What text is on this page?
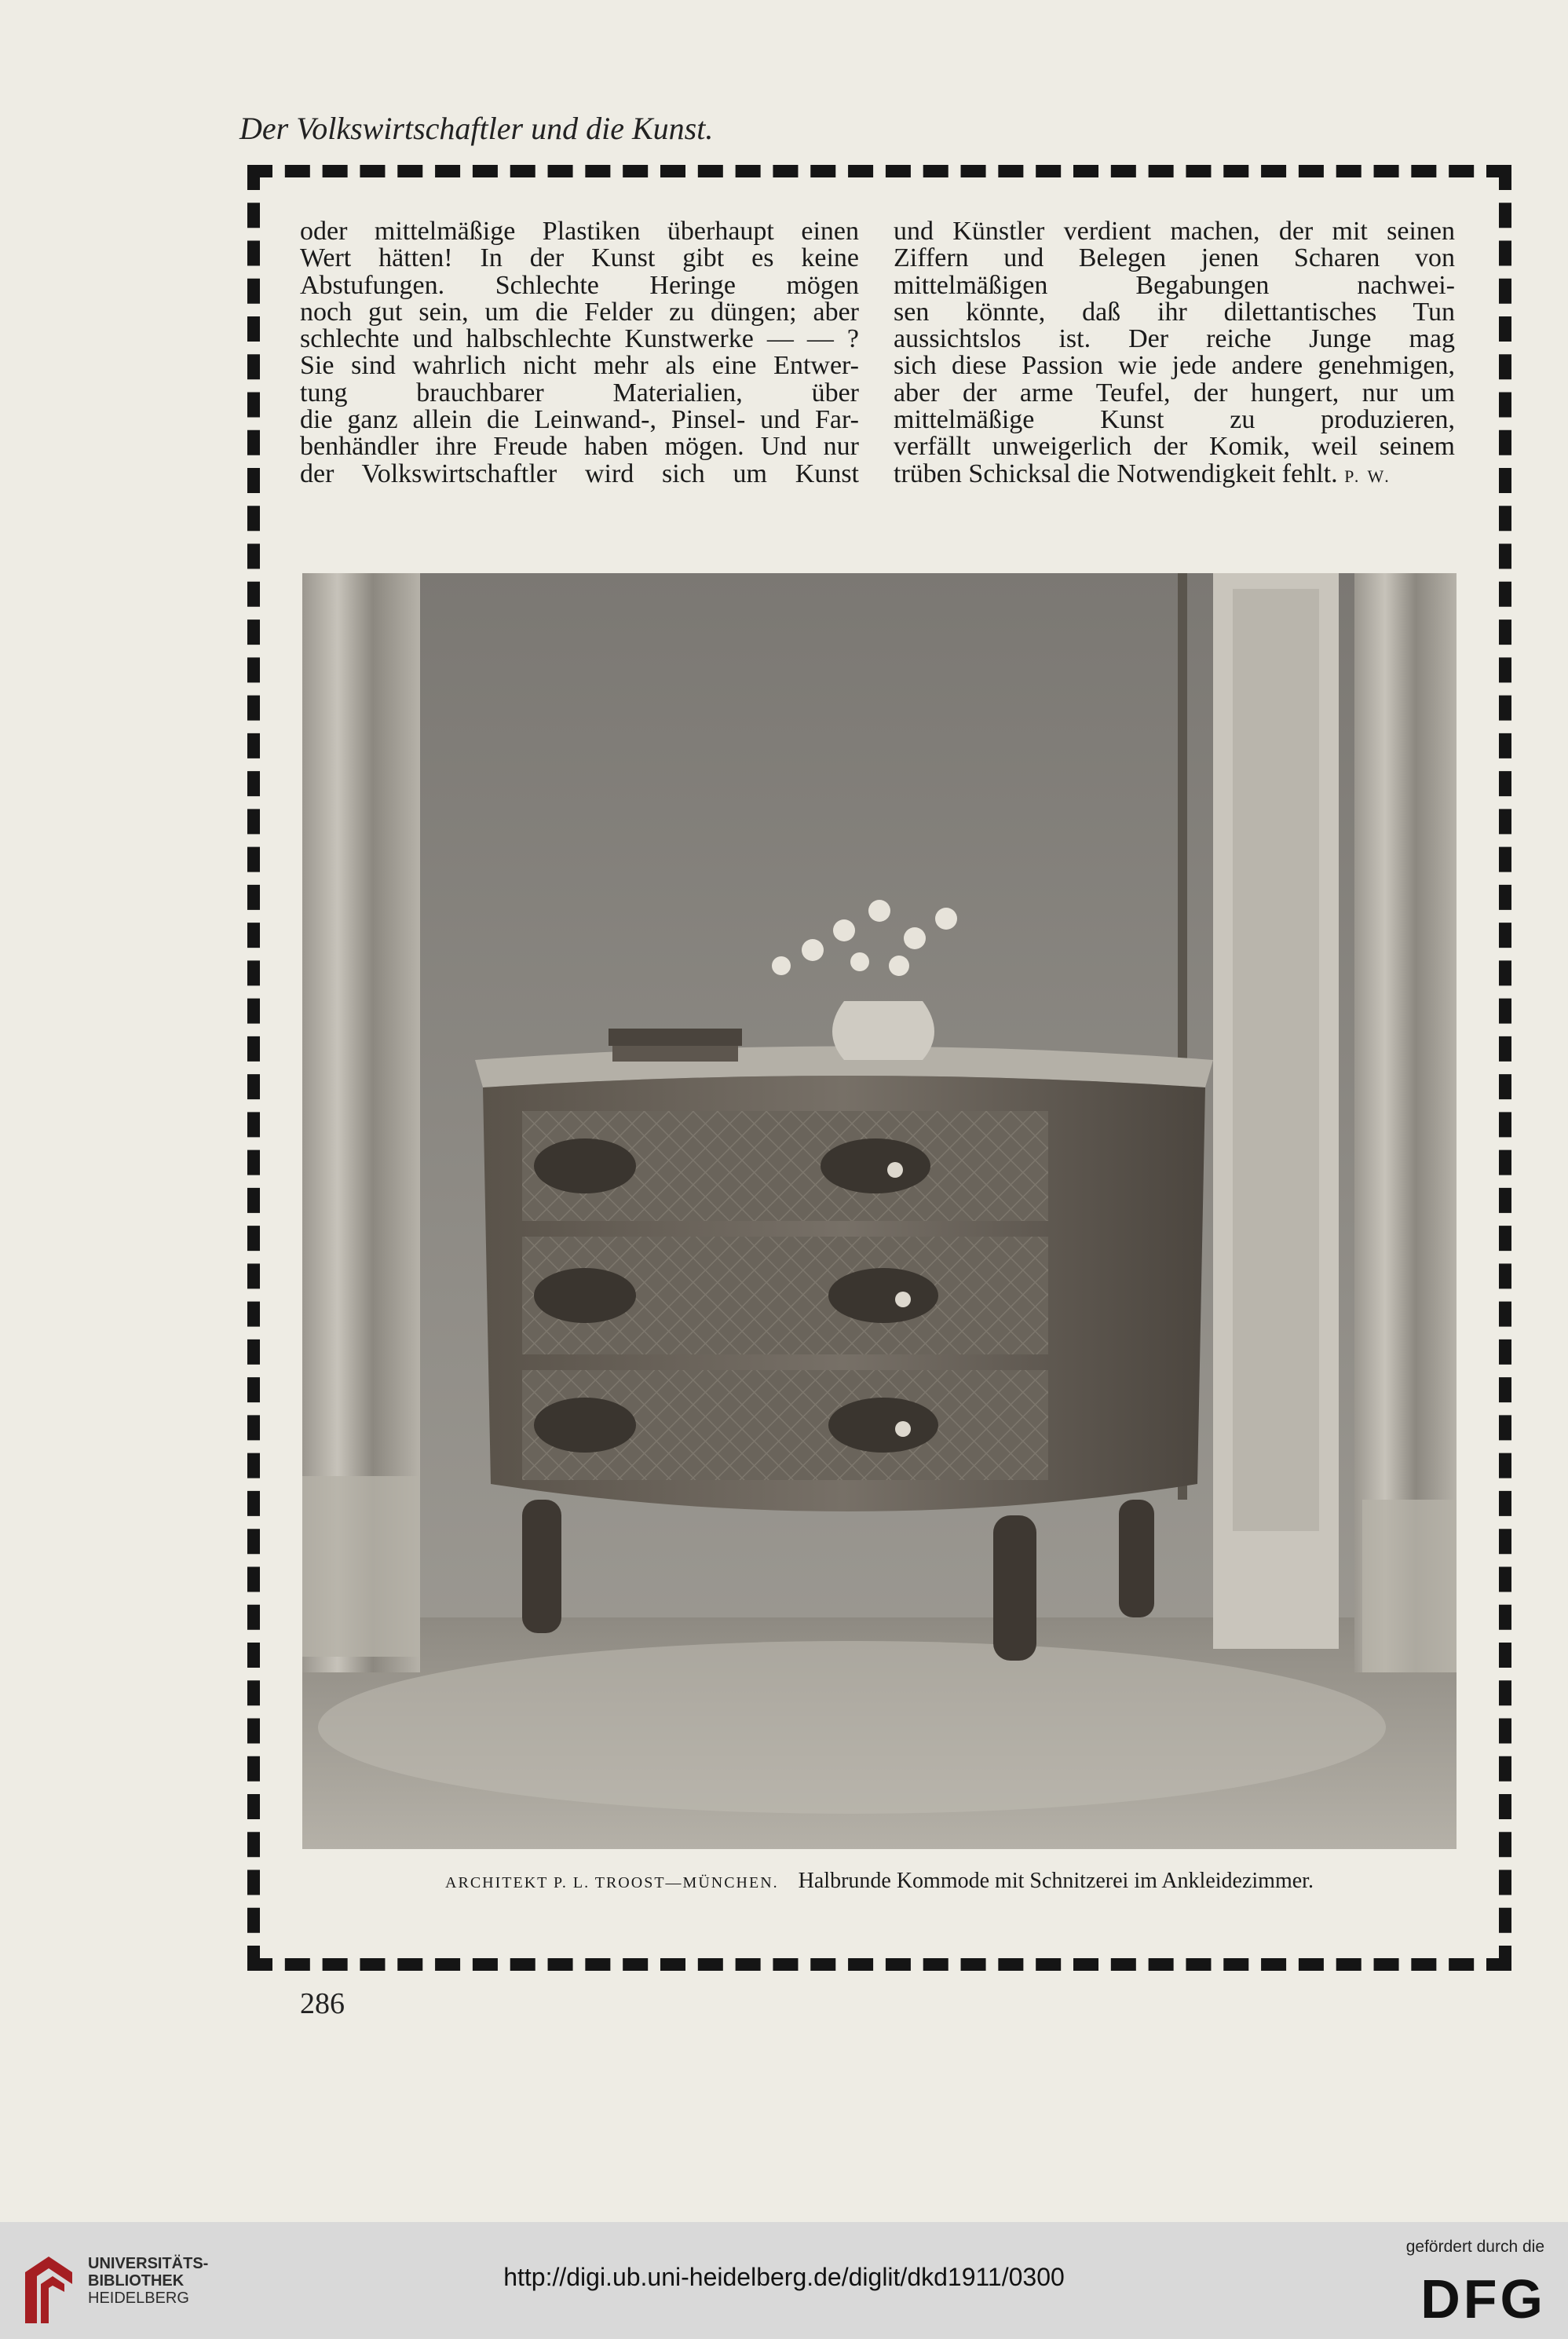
Der Volkswirtschaftler und die Kunst.
oder mittelmäßige Plastiken überhaupt einen
Wert hätten! In der Kunst gibt es keine
Abstufungen. Schlechte Heringe mögen
noch gut sein, um die Felder zu düngen; aber
schlechte und halbschlechte Kunstwerke — — ?
Sie sind wahrlich nicht mehr als eine Entwer-
tung brauchbarer Materialien, über
die ganz allein die Leinwand-, Pinsel- und Far-
benhändler ihre Freude haben mögen. Und nur
der Volkswirtschaftler wird sich um Kunst
und Künstler verdient machen, der mit seinen
Ziffern und Belegen jenen Scharen von
mittelmäßigen Begabungen nachwei-
sen könnte, daß ihr dilettantisches Tun
aussichtslos ist. Der reiche Junge mag
sich diese Passion wie jede andere genehmigen,
aber der arme Teufel, der hungert, nur um
mittelmäßige Kunst zu produzieren,
verfällt unweigerlich der Komik, weil seinem
trüben Schicksal die Notwendigkeit fehlt. P. W.
ARCHITEKT P. L. TROOST—MÜNCHEN. Halbrunde Kommode mit Schnitzerei im Ankleidezimmer.
286
UNIVERSITÄTS-
BIBLIOTHEK
HEIDELBERG
http://digi.ub.uni-heidelberg.de/diglit/dkd1911/0300
gefördert durch die
DFG
